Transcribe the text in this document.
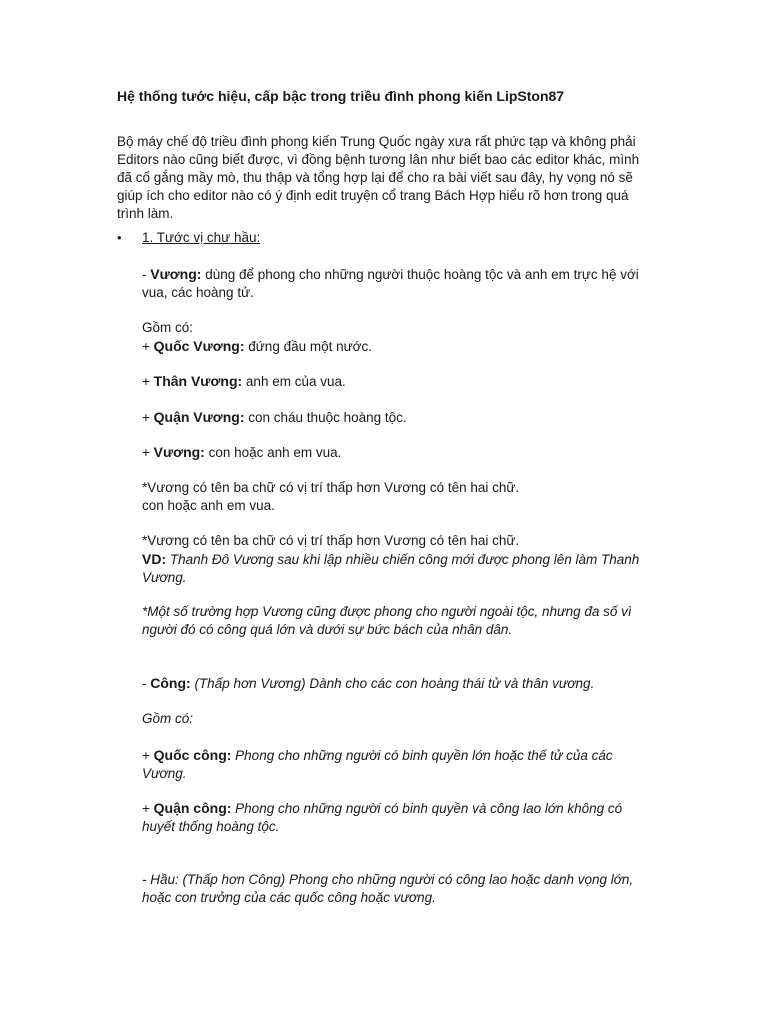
Hệ thống tước hiệu, cấp bậc trong triều đình phong kiến LipSton87

Bộ máy chế độ triều đình phong kiến Trung Quốc ngày xưa rất phức tạp và không phải Editors nào cũng biết được, vì đồng bệnh tương lân như biết bao các editor khác, mình đã cố gắng mầy mò, thu thập và tổng hợp lại để cho ra bài viết sau đây, hy vọng nó sẽ giúp ích cho editor nào có ý định edit truyện cổ trang Bách Hợp hiểu rõ hơn trong quá trình làm.

• 1. Tước vị chư hầu:

- Vương: dùng để phong cho những người thuộc hoàng tộc và anh em trực hệ với vua, các hoàng tử.

Gồm có:

+ Quốc Vương: đứng đầu một nước.

+ Thân Vương: anh em của vua.

+ Quận Vương: con cháu thuộc hoàng tộc.

+ Vương: con hoặc anh em vua.

*Vương có tên ba chữ có vị trí thấp hơn Vương có tên hai chữ.

con hoặc anh em vua.

*Vương có tên ba chữ có vị trí thấp hơn Vương có tên hai chữ.

VD: Thanh Đô Vương sau khi lập nhiều chiến công mới được phong lên làm Thanh Vương.

*Một số trường hợp Vương cũng được phong cho người ngoài tộc, nhưng đa số vì người đó có công quá lớn và dưới sự bức bách của nhân dân.

- Công: (Thấp hơn Vương) Dành cho các con hoàng thái tử và thân vương.

Gồm có:

+ Quốc công: Phong cho những người có binh quyền lớn hoặc thế tử của các Vương.

+ Quận công: Phong cho những người có binh quyền và công lao lớn không có huyết thống hoàng tộc.

- Hầu: (Thấp hơn Công) Phong cho những người có công lao hoặc danh vọng lớn, hoặc con trưởng của các quốc công hoặc vương.
